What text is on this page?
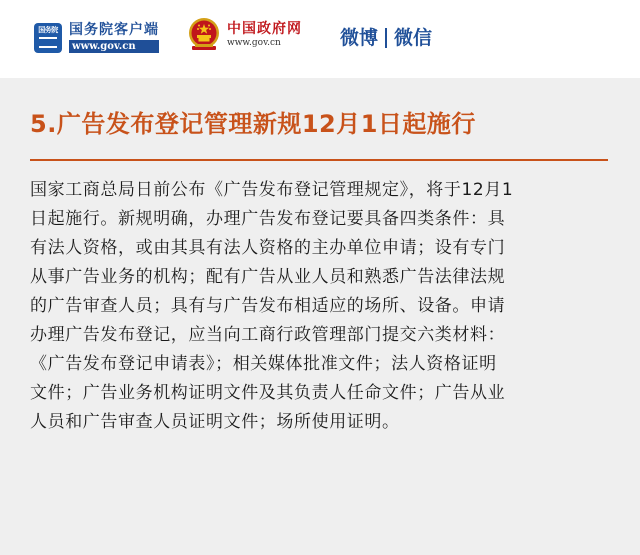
国务院 国务院客户端
www.gov.cn
中国政府网
www.gov.cn	微博 微信
5.广告发布登记管理新规12月1日起施行

国家工商总局日前公布《广告发布登记管理规定》，将于12月1
日起施行。新规明确，办理广告发布登记要具备四类条件：具
有法人资格，或由其具有法人资格的主办单位申请；设有专门
从事广告业务的机构；配有广告从业人员和熟悉广告法律法规
的广告审查人员；具有与广告发布相适应的场所、设备。申请
办理广告发布登记，应当向工商行政管理部门提交六类材料：
《广告发布登记申请表》；相关媒体批准文件；法人资格证明
文件；广告业务机构证明文件及其负责人任命文件；广告从业
人员和广告审查人员证明文件；场所使用证明。
